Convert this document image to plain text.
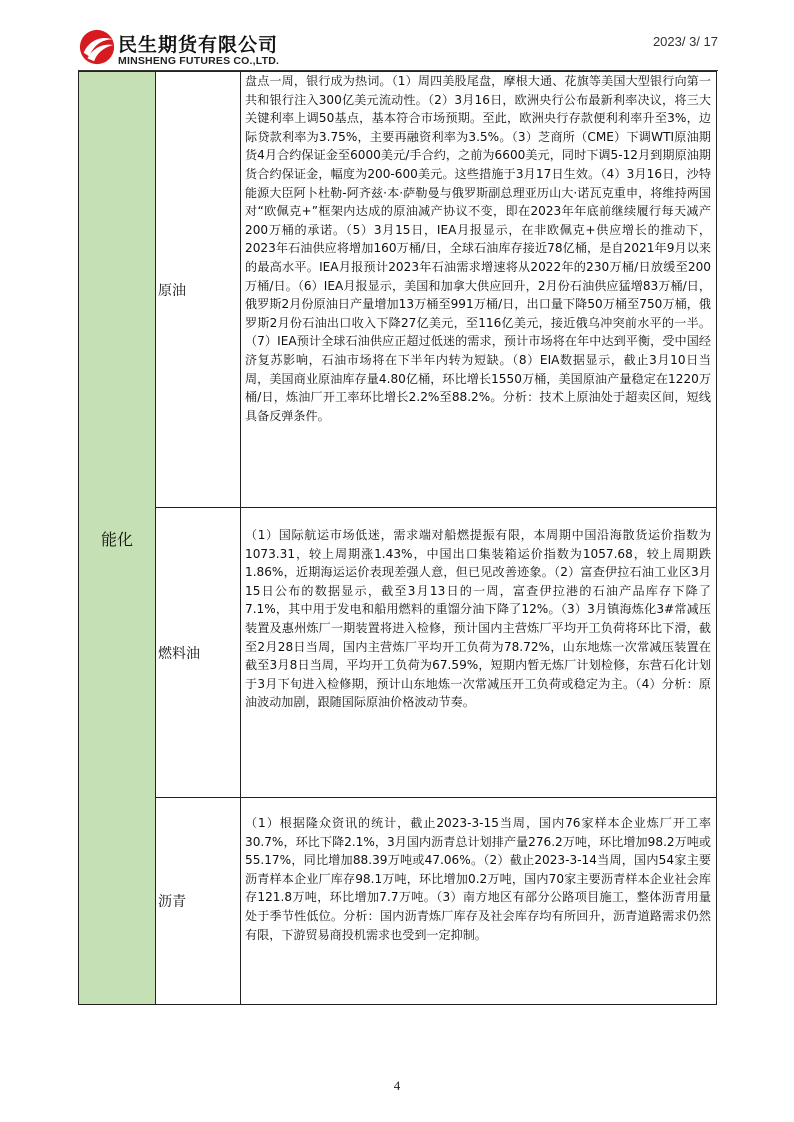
民生期货有限公司
MINSHENG FUTURES CO.,LTD.
2023/ 3/ 17
能化	原油	盘点一周，银行成为热词。（1）周四美股尾盘，摩根大通、花旗等美国大型银行向第一共和银行注入300亿美元流动性。（2）3月16日，欧洲央行公布最新利率决议，将三大关键利率上调50基点，基本符合市场预期。至此，欧洲央行存款便利利率升至3%，边际贷款利率为3.75%，主要再融资利率为3.5%。（3）芝商所（CME）下调WTI原油期货4月合约保证金至6000美元/手合约，之前为6600美元，同时下调5-12月到期原油期货合约保证金，幅度为200-600美元。这些措施于3月17日生效。（4）3月16日，沙特能源大臣阿卜杜勒-阿齐兹·本·萨勒曼与俄罗斯副总理亚历山大·诺瓦克重申，将维持两国对“欧佩克+”框架内达成的原油减产协议不变，即在2023年年底前继续履行每天减产200万桶的承诺。（5）3月15日，IEA月报显示，在非欧佩克+供应增长的推动下，2023年石油供应将增加160万桶/日，全球石油库存接近78亿桶，是自2021年9月以来的最高水平。IEA月报预计2023年石油需求增速将从2022年的230万桶/日放缓至200万桶/日。（6）IEA月报显示，美国和加拿大供应回升，2月份石油供应猛增83万桶/日，俄罗斯2月份原油日产量增加13万桶至991万桶/日，出口量下降50万桶至750万桶，俄罗斯2月份石油出口收入下降27亿美元，至116亿美元，接近俄乌冲突前水平的一半。（7）IEA预计全球石油供应正超过低迷的需求，预计市场将在年中达到平衡，受中国经济复苏影响，石油市场将在下半年内转为短缺。（8）EIA数据显示，截止3月10日当周，美国商业原油库存量4.80亿桶，环比增长1550万桶，美国原油产量稳定在1220万桶/日，炼油厂开工率环比增长2.2%至88.2%。分析：技术上原油处于超卖区间，短线具备反弹条件。

	燃料油	（1）国际航运市场低迷，需求端对船燃提振有限，本周期中国沿海散货运价指数为1073.31，较上周期涨1.43%，中国出口集装箱运价指数为1057.68，较上周期跌1.86%，近期海运运价表现差强人意，但已见改善迹象。（2）富查伊拉石油工业区3月15日公布的数据显示，截至3月13日的一周，富查伊拉港的石油产品库存下降了7.1%，其中用于发电和船用燃料的重馏分油下降了12%。（3）3月镇海炼化3#常减压装置及惠州炼厂一期装置将进入检修，预计国内主营炼厂平均开工负荷将环比下滑，截至2月28日当周，国内主营炼厂平均开工负荷为78.72%，山东地炼一次常减压装置在截至3月8日当周，平均开工负荷为67.59%，短期内暂无炼厂计划检修，东营石化计划于3月下旬进入检修期，预计山东地炼一次常减压开工负荷或稳定为主。（4）分析：原油波动加剧，跟随国际原油价格波动节奏。

	沥青	（1）根据隆众资讯的统计，截止2023-3-15当周，国内76家样本企业炼厂开工率30.7%，环比下降2.1%，3月国内沥青总计划排产量276.2万吨，环比增加98.2万吨或55.17%，同比增加88.39万吨或47.06%。（2）截止2023-3-14当周，国内54家主要沥青样本企业厂库存98.1万吨，环比增加0.2万吨，国内70家主要沥青样本企业社会库存121.8万吨，环比增加7.7万吨。（3）南方地区有部分公路项目施工，整体沥青用量处于季节性低位。分析：国内沥青炼厂库存及社会库存均有所回升，沥青道路需求仍然有限，下游贸易商投机需求也受到一定抑制。
4
